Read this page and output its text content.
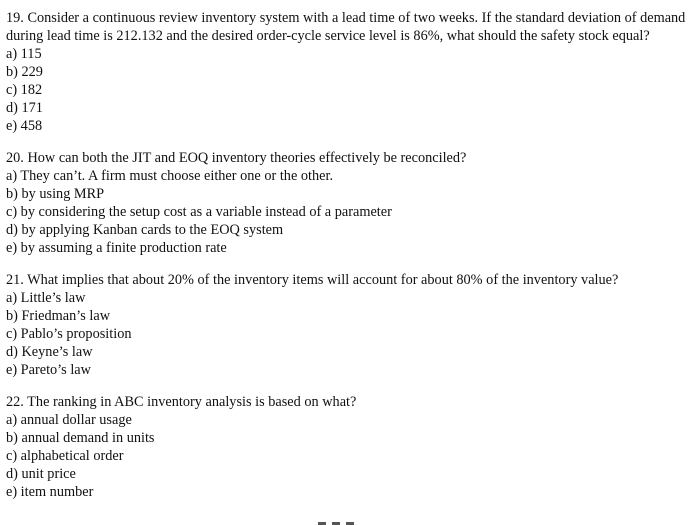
19. Consider a continuous review inventory system with a lead time of two weeks. If the standard deviation of demand during lead time is 212.132 and the desired order-cycle service level is 86%, what should the safety stock equal?

a) 115
b) 229
c) 182
d) 171
e) 458

20. How can both the JIT and EOQ inventory theories effectively be reconciled?

a) They can’t. A firm must choose either one or the other.
b) by using MRP
c) by considering the setup cost as a variable instead of a parameter
d) by applying Kanban cards to the EOQ system
e) by assuming a finite production rate

21. What implies that about 20% of the inventory items will account for about 80% of the inventory value?

a) Little’s law
b) Friedman’s law
c) Pablo’s proposition
d) Keyne’s law
e) Pareto’s law

22. The ranking in ABC inventory analysis is based on what?

a) annual dollar usage
b) annual demand in units
c) alphabetical order
d) unit price
e) item number
